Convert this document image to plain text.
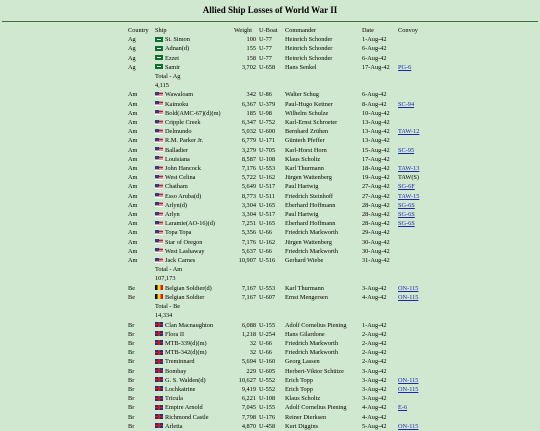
Allied Ship Losses of World War II
Country	Ship	Weight	U-Boat	Commander	Date	Convoy
Ag	St. Simon	100	U-77	Heinrich Schonder	1-Aug-42	
Ag	Adnan(d)	155	U-77	Heinrich Schonder	6-Aug-42	
Ag	Ezzet	158	U-77	Heinrich Schonder	6-Aug-42	
Ag	Samir	3,702	U-658	Hans Senkel	17-Aug-42	PG-6
	Total - Ag					
	4,115					
Am	Wawaloam	342	U-86	Walter Schug	6-Aug-42	
Am	Kaimoku	6,367	U-379	Paul-Hugo Kettner	8-Aug-42	SC-94
Am	Bold(AMC-67)(d)(m)	185	U-98	Wilhelm Schulze	10-Aug-42	
Am	Cripple Creek	6,347	U-752	Karl-Ernst Schroeter	13-Aug-42	
Am	Delmundo	5,032	U-600	Bernhard Zrühen	13-Aug-42	TAW-12
Am	R.M. Parker Jr.	6,779	U-171	Günterh Pfeffer	13-Aug-42	
Am	Balladier	3,279	U-705	Karl-Horst Horn	15-Aug-42	SC-95
Am	Louisiana	8,587	U-108	Klaus Scholtz	17-Aug-42	
Am	John Hancock	7,176	U-553	Karl Thurmann	18-Aug-42	TAW-13
Am	West Celina	5,722	U-162	Jürgen Wattenberg	19-Aug-42	TAW(S)
Am	Chatham	5,649	U-517	Paul Hartwig	27-Aug-42	SG-6F
Am	Esso Aruba(d)	8,773	U-511	Friedrich Steinhoff	27-Aug-42	TAW-15
Am	Arlyn(d)	3,304	U-165	Eberhard Hoffmann	28-Aug-42	SG-6S
Am	Arlyn	3,304	U-517	Paul Hartwig	28-Aug-42	SG-6S
Am	Laramie(AO-16)(d)	7,251	U-165	Eberhard Hoffmann	28-Aug-42	SG-6S
Am	Topa Topa	5,356	U-66	Friedrich Markworth	29-Aug-42	
Am	Star of Oregon	7,176	U-162	Jürgen Wattenberg	30-Aug-42	
Am	West Lashaway	5,637	U-66	Friedrich Markworth	30-Aug-42	
Am	Jack Carnes	10,907	U-516	Gerhard Wiebe	31-Aug-42	
	Total - Am					
	107,173					
Be	Belgian Soldier(d)	7,167	U-553	Karl Thurmann	3-Aug-42	ON-115
Be	Belgian Soldier	7,167	U-607	Ernst Mengersen	4-Aug-42	ON-115
	Total - Be					
	14,334					
Br	Clan Macnaughton	6,088	U-155	Adolf Cornelius Piening	1-Aug-42	
Br	Flora II	1,218	U-254	Hans Gilardone	2-Aug-42	
Br	MTB-339(d)(m)	32	U-66	Friedrich Markworth	2-Aug-42	
Br	MTB-342(d)(m)	32	U-66	Friedrich Markworth	2-Aug-42	
Br	Treminnard	5,694	U-160	Georg Lassen	2-Aug-42	
Br	Bombay	229	U-605	Herbert-Viktor Schütze	3-Aug-42	
Br	G. S. Walden(d)	10,627	U-552	Erich Topp	3-Aug-42	ON-115
Br	Lochkatrine	9,419	U-552	Erich Topp	3-Aug-42	ON-115
Br	Tricula	6,221	U-108	Klaus Scholtz	3-Aug-42	
Br	Empire Arnold	7,045	U-155	Adolf Cornelius Piening	4-Aug-42	E-6
Br	Richmond Castle	7,798	U-176	Reiner Dierksen	4-Aug-42	
Br	Arletta	4,870	U-458	Kurt Diggins	5-Aug-42	ON-115
